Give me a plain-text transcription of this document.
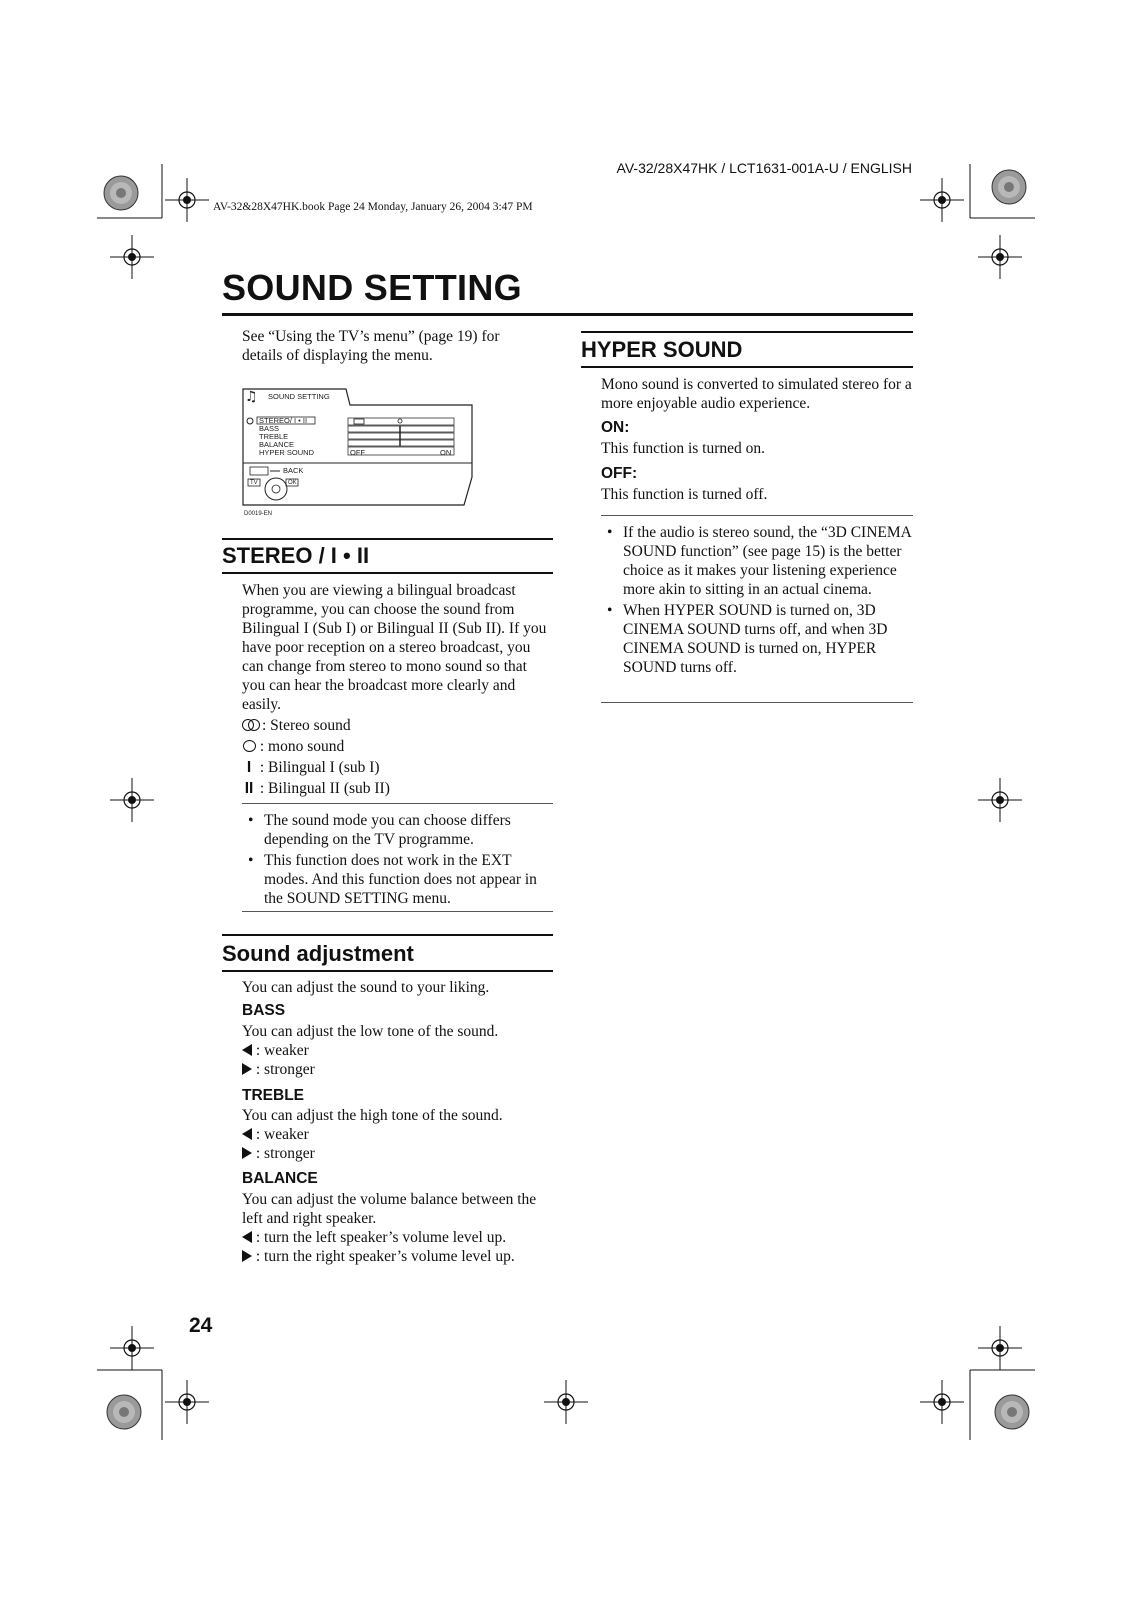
AV-32/28X47HK / LCT1631-001A-U / ENGLISH
AV-32&28X47HK.book Page 24 Monday, January 26, 2004 3:47 PM
SOUND SETTING
See “Using the TV’s menu” (page 19) for details of displaying the menu.
♫ SOUND SETTING
STEREO/ I • II
BASS
TREBLE
BALANCE
HYPER SOUND	OFF	ON
BACK
TV	OK
D0019-EN
STEREO / I • II
When you are viewing a bilingual broadcast programme, you can choose the sound from Bilingual I (Sub I) or Bilingual II (Sub II). If you have poor reception on a stereo broadcast, you can change from stereo to mono sound so that you can hear the broadcast more clearly and easily.
: Stereo sound
: mono sound
I : Bilingual I (sub I)
II : Bilingual II (sub II)
• The sound mode you can choose differs depending on the TV programme.
• This function does not work in the EXT modes. And this function does not appear in the SOUND SETTING menu.
Sound adjustment
You can adjust the sound to your liking.
BASS
You can adjust the low tone of the sound.
: weaker
: stronger
TREBLE
You can adjust the high tone of the sound.
: weaker
: stronger
BALANCE
You can adjust the volume balance between the left and right speaker.
: turn the left speaker’s volume level up.
: turn the right speaker’s volume level up.
HYPER SOUND
Mono sound is converted to simulated stereo for a more enjoyable audio experience.
ON:
This function is turned on.
OFF:
This function is turned off.
• If the audio is stereo sound, the “3D CINEMA SOUND function” (see page 15) is the better choice as it makes your listening experience more akin to sitting in an actual cinema.
• When HYPER SOUND is turned on, 3D CINEMA SOUND turns off, and when 3D CINEMA SOUND is turned on, HYPER SOUND turns off.
24
